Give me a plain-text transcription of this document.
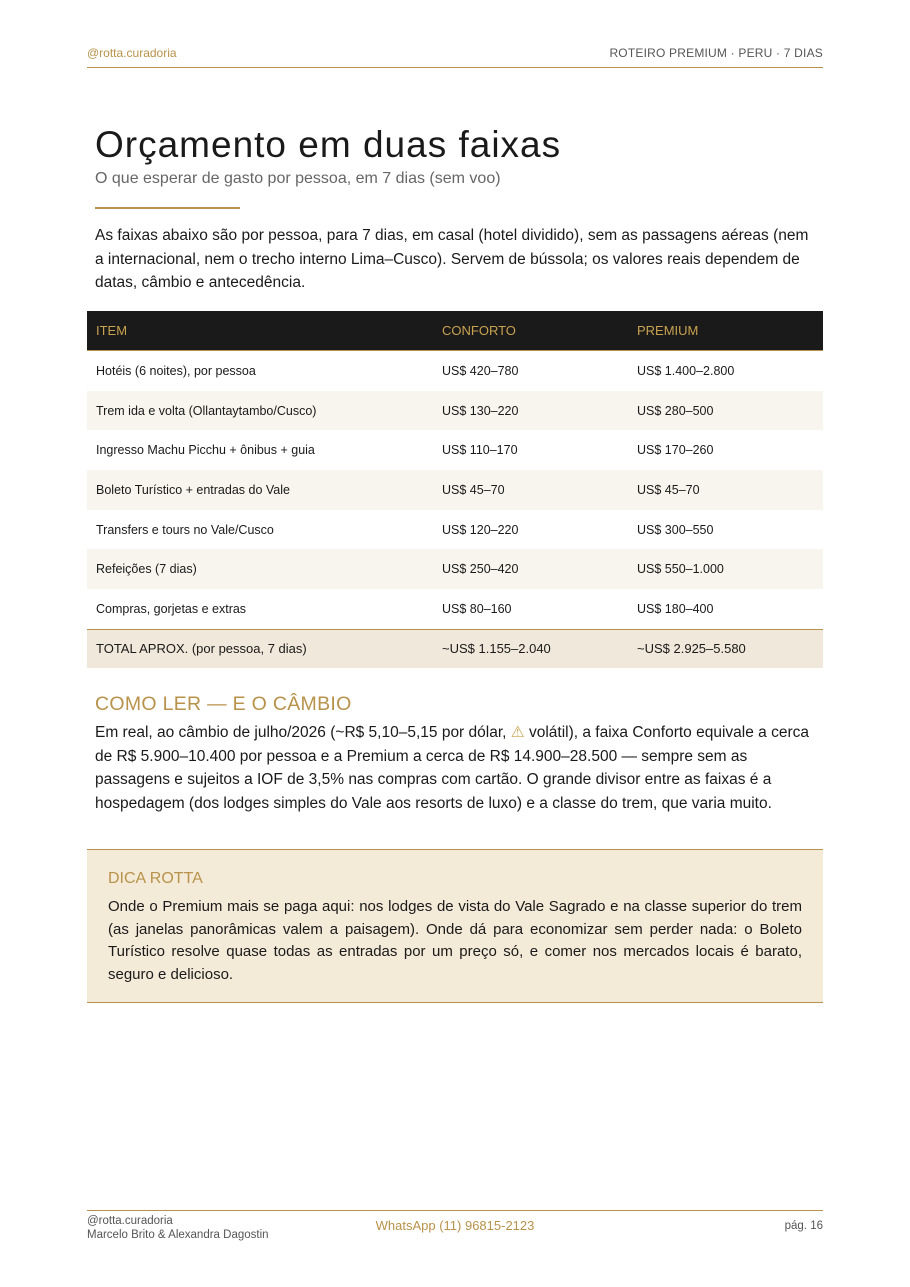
@rotta.curadoria	ROTEIRO PREMIUM · PERU · 7 DIAS
Orçamento em duas faixas
O que esperar de gasto por pessoa, em 7 dias (sem voo)

As faixas abaixo são por pessoa, para 7 dias, em casal (hotel dividido), sem as passagens aéreas (nem a internacional, nem o trecho interno Lima–Cusco). Servem de bússola; os valores reais dependem de datas, câmbio e antecedência.

ITEM	CONFORTO	PREMIUM
Hotéis (6 noites), por pessoa	US$ 420–780	US$ 1.400–2.800
Trem ida e volta (Ollantaytambo/Cusco)	US$ 130–220	US$ 280–500
Ingresso Machu Picchu + ônibus + guia	US$ 110–170	US$ 170–260
Boleto Turístico + entradas do Vale	US$ 45–70	US$ 45–70
Transfers e tours no Vale/Cusco	US$ 120–220	US$ 300–550
Refeições (7 dias)	US$ 250–420	US$ 550–1.000
Compras, gorjetas e extras	US$ 80–160	US$ 180–400
TOTAL APROX. (por pessoa, 7 dias)	~US$ 1.155–2.040	~US$ 2.925–5.580
COMO LER — E O CÂMBIO

Em real, ao câmbio de julho/2026 (~R$ 5,10–5,15 por dólar, ⚠ volátil), a faixa Conforto equivale a cerca de R$ 5.900–10.400 por pessoa e a Premium a cerca de R$ 14.900–28.500 — sempre sem as passagens e sujeitos a IOF de 3,5% nas compras com cartão. O grande divisor entre as faixas é a hospedagem (dos lodges simples do Vale aos resorts de luxo) e a classe do trem, que varia muito.

DICA ROTTA
Onde o Premium mais se paga aqui: nos lodges de vista do Vale Sagrado e na classe superior do trem (as janelas panorâmicas valem a paisagem). Onde dá para economizar sem perder nada: o Boleto Turístico resolve quase todas as entradas por um preço só, e comer nos mercados locais é barato, seguro e delicioso.
@rotta.curadoria
Marcelo Brito & Alexandra Dagostin
WhatsApp (11) 96815-2123	pág. 16
